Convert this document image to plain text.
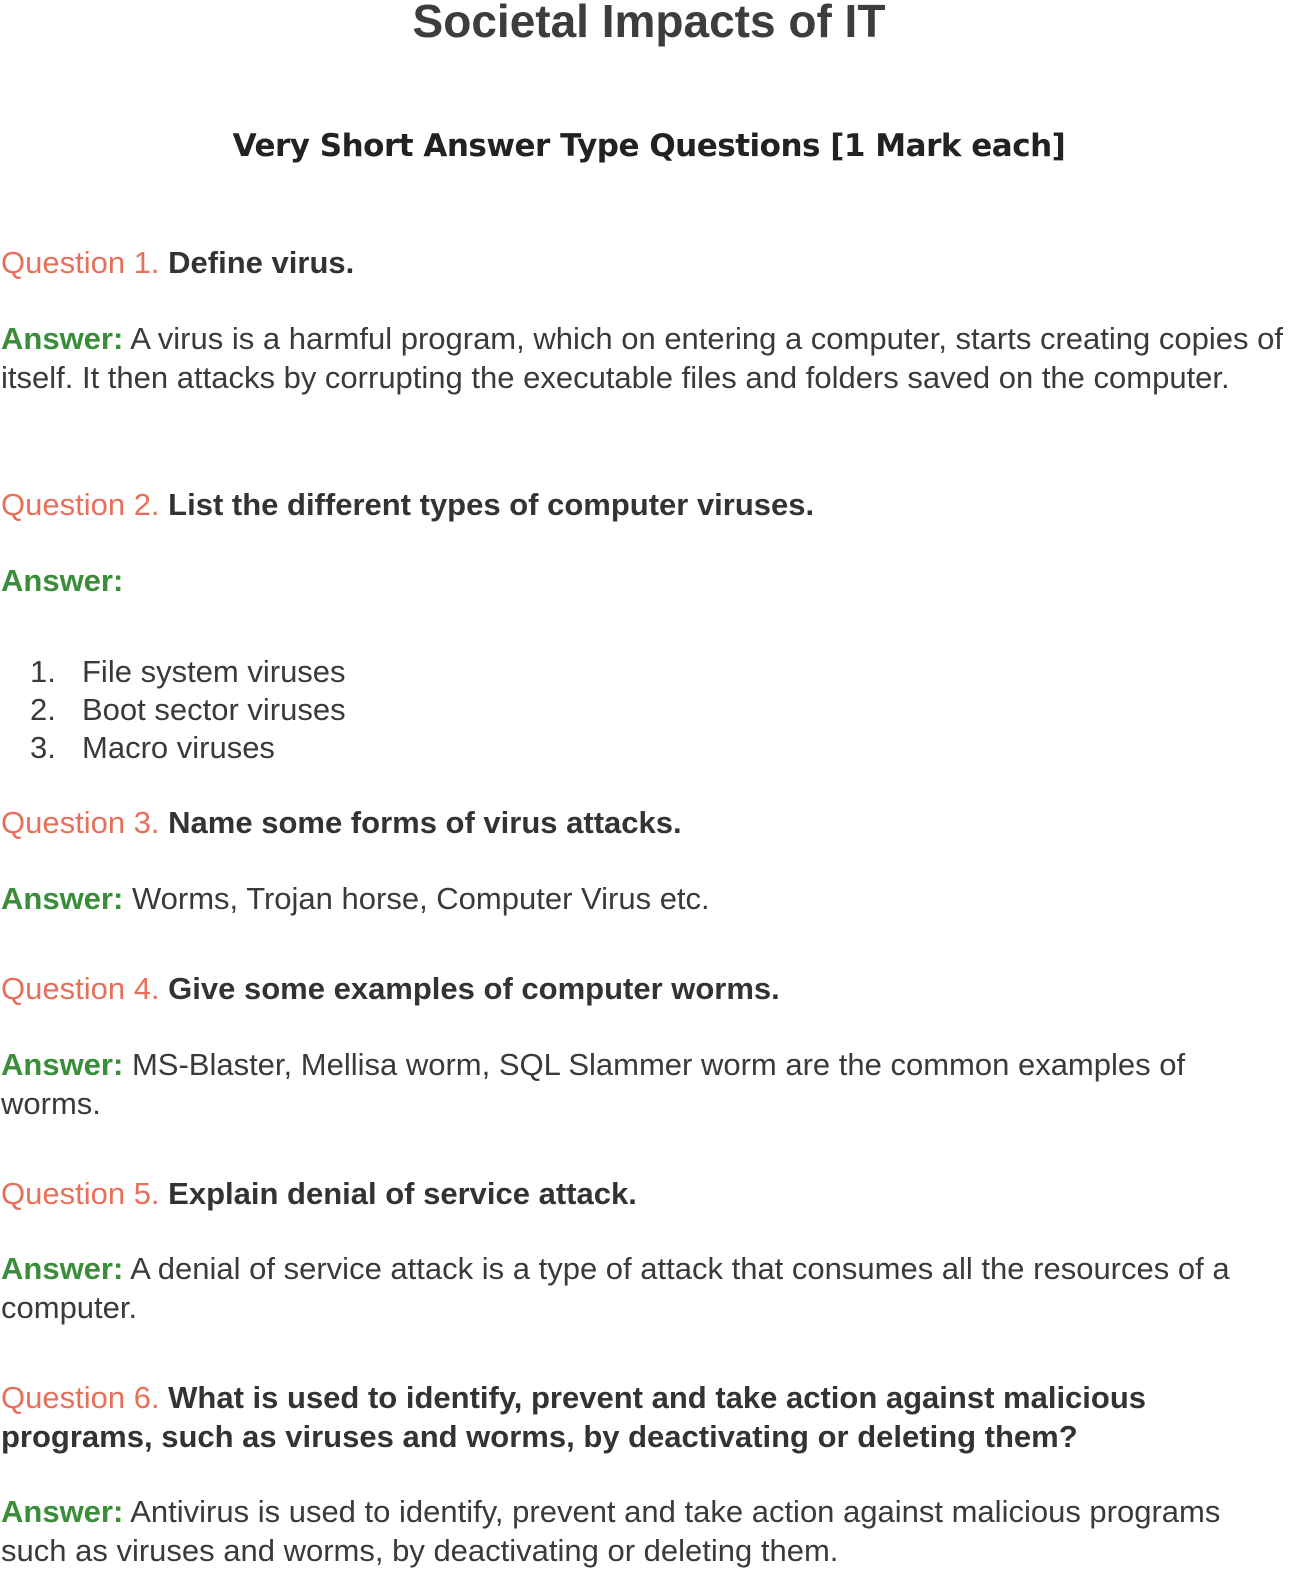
Societal Impacts of IT
Very Short Answer Type Questions [1 Mark each]
Question 1. Define virus.
Answer: A virus is a harmful program, which on entering a computer, starts creating copies of itself. It then attacks by corrupting the executable files and folders saved on the computer.
Question 2. List the different types of computer viruses.
Answer:
1. File system viruses
2. Boot sector viruses
3. Macro viruses
Question 3. Name some forms of virus attacks.
Answer: Worms, Trojan horse, Computer Virus etc.
Question 4. Give some examples of computer worms.
Answer: MS-Blaster, Mellisa worm, SQL Slammer worm are the common examples of worms.
Question 5. Explain denial of service attack.
Answer: A denial of service attack is a type of attack that consumes all the resources of a computer.
Question 6. What is used to identify, prevent and take action against malicious programs, such as viruses and worms, by deactivating or deleting them?
Answer: Antivirus is used to identify, prevent and take action against malicious programs such as viruses and worms, by deactivating or deleting them.
